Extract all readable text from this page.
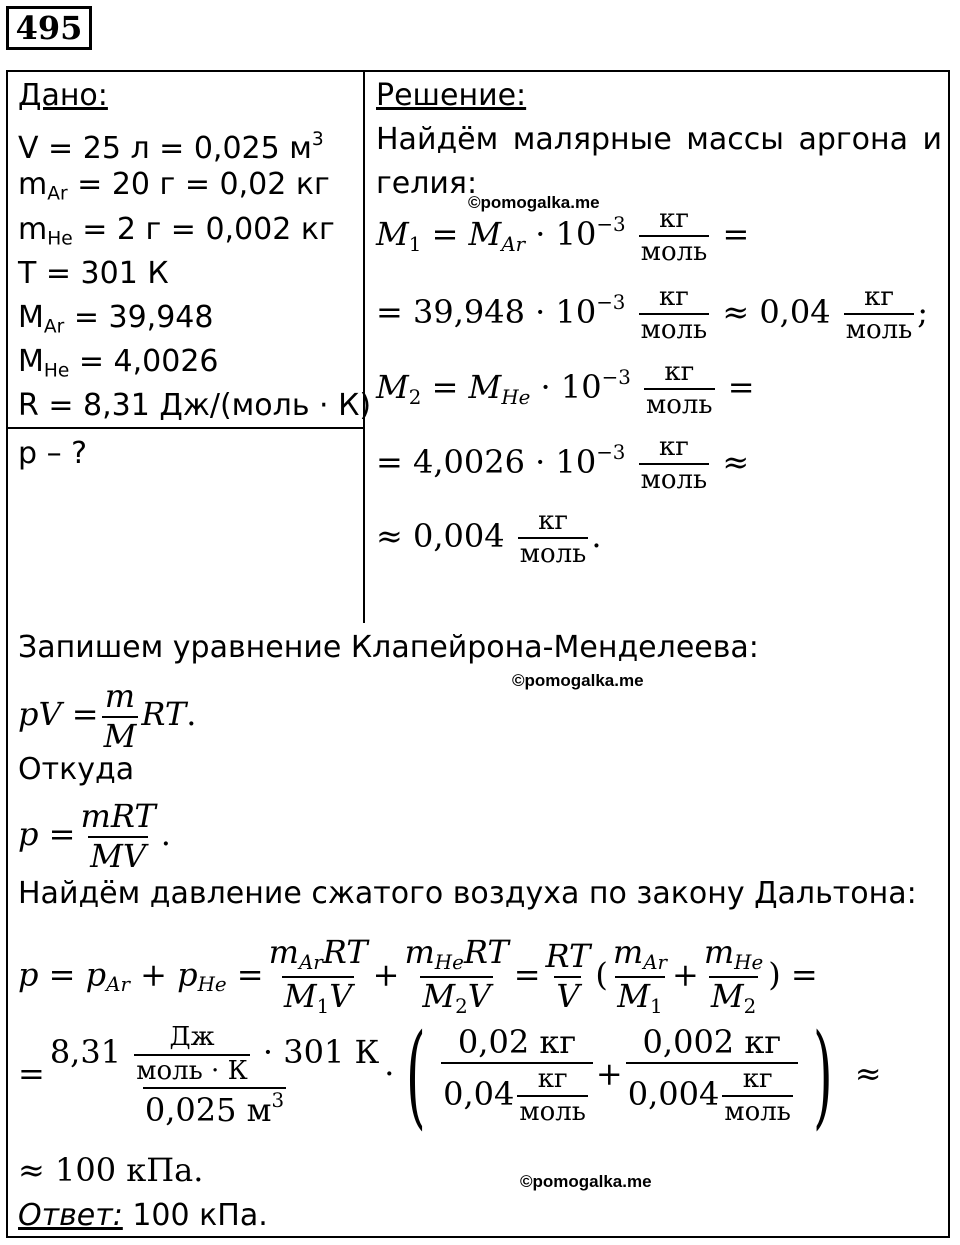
495
Дано:
V = 25 л = 0,025 $м^3$
$m_{Ar} = 20$ г = 0,02 кг
$m_{He} = 2$ г = 0,002 кг
T = 301 К
$M_{Ar} = 39,948$
$M_{He} = 4,0026$
R = 8,31 Дж/(моль · К)
p – ?
Решение:
Найдём малярные массы аргона и
гелия:
©pomogalka.me
$M_1 = M_{Ar} \cdot 10^{-3} \frac{кг}{\text{моль}}$ =
= $39,948 \cdot 10^{-3} \frac{кг}{\text{моль}} \approx 0,04 \frac{кг}{\text{моль}}$ ;
$M_2 = M_{He} \cdot 10^{-3} \frac{кг}{\text{моль}}$ =
= $4,0026 \cdot 10^{-3} \frac{кг}{\text{моль}}$ ≈
≈ $0,004 \frac{кг}{\text{моль}}$ .
Запишем уравнение Клапейрона-Менделеева:
©pomogalka.me
pV = $\frac{m}{M}$ RT.
Откуда
$p = \frac{\text{mRT}}{MV}$ .
Найдём давление сжатого воздуха по закону Дальтона:
$p = p_{Ar} + p_{He} = \frac{m_{Ar}RT}{M_1V} + \frac{m_{He}RT}{M_2V} = \frac{RT}{V}$ ( $\frac{m_{Ar}}{M_1} + \frac{m_{He}}{M_2}$ ) =
= $\frac{8,31 \frac{Дж}{\text{моль · К}} \cdot 301 К}{0,025 м^3}$ · ( $\frac{0,02 кг}{0,04 \frac{кг}{\text{моль}}} + \frac{0,002 кг}{0,004 \frac{кг}{\text{моль}}}$ ) ≈
≈ 100 кПа.	©pomogalka.me
Ответ: 100 кПа.
